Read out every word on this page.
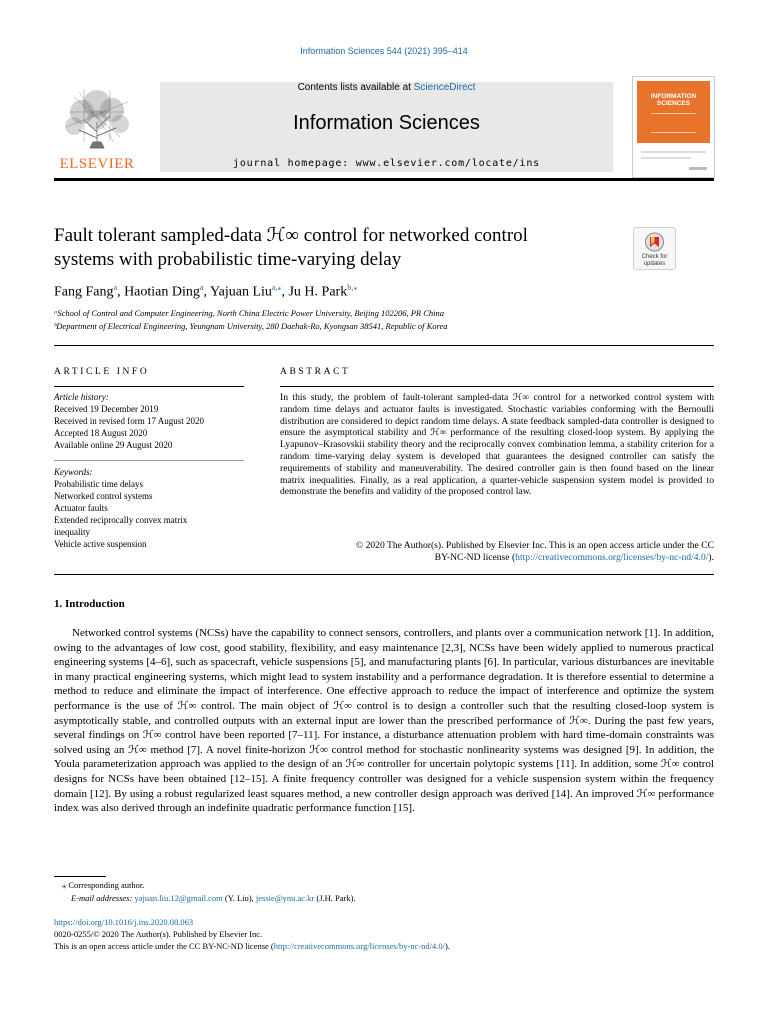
Information Sciences 544 (2021) 395–414
Contents lists available at ScienceDirect
Information Sciences
journal homepage: www.elsevier.com/locate/ins
ELSEVIER
INFORMATION SCIENCES
Fault tolerant sampled-data ℋ∞ control for networked control
systems with probabilistic time-varying delay	Check for updates
Fang Fang$^a$, Haotian Ding$^a$, Yajuan Liu$^{a,⁎}$, Ju H. Park$^{b,⁎}$
ᵃSchool of Control and Computer Engineering, North China Electric Power University, Beijing 102206, PR China
ᵇDepartment of Electrical Engineering, Yeungnam University, 280 Daehak-Ro, Kyongsan 38541, Republic of Korea
ARTICLE INFO
Article history:
Received 19 December 2019
Received in revised form 17 August 2020
Accepted 18 August 2020
Available online 29 August 2020
Keywords:
Probabilistic time delays
Networked control systems
Actuator faults
Extended reciprocally convex matrix
inequality
Vehicle active suspension
ABSTRACT
In this study, the problem of fault-tolerant sampled-data ℋ∞ control for a networked control system with random time delays and actuator faults is investigated. Stochastic variables conforming with the Bernoulli distribution are considered to depict random time delays. A state feedback sampled-data controller is designed to ensure the asymptotical stability and ℋ∞ performance of the resulting closed-loop system. By applying the Lyapunov–Krasovskii stability theory and the reciprocally convex combination lemma, a stability criterion for a random time-varying delay system is developed that guarantees the designed controller can satisfy the requirements of stability and maneuverability. The desired controller gain is then found based on the linear matrix inequalities. Finally, as a real application, a quarter-vehicle suspension system model is provided to demonstrate the benefits and validity of the proposed control law.
© 2020 The Author(s). Published by Elsevier Inc. This is an open access article under the CC
BY-NC-ND license (http://creativecommons.org/licenses/by-nc-nd/4.0/).
1. Introduction
Networked control systems (NCSs) have the capability to connect sensors, controllers, and plants over a communication network [1]. In addition, owing to the advantages of low cost, good stability, flexibility, and easy maintenance [2,3], NCSs have been widely applied to numerous practical engineering systems [4–6], such as spacecraft, vehicle suspensions [5], and manufacturing plants [6]. In particular, various disturbances are inevitable in many practical engineering systems, which might lead to system instability and a performance degradation. It is therefore essential to determine a method to reduce and eliminate the impact of interference. One effective approach to reduce the impact of interference and optimize the system performance is the use of ℋ∞ control. The main object of ℋ∞ control is to design a controller such that the resulting closed-loop system is asymptotically stable, and controlled outputs with an external input are lower than the prescribed performance of ℋ∞. During the past few years, several findings on ℋ∞ control have been reported [7–11]. For instance, a disturbance attenuation problem with hard time-domain constraints was solved using an ℋ∞ method [7]. A novel finite-horizon ℋ∞ control method for stochastic nonlinearity systems was designed [9]. In addition, the Youla parameterization approach was applied to the design of an ℋ∞ controller for uncertain polytopic systems [11]. In addition, some ℋ∞ control designs for NCSs have been obtained [12–15]. A finite frequency controller was designed for a vehicle suspension system within the frequency domain [12]. By using a robust regularized least squares method, a new controller design approach was derived [14]. An improved ℋ∞ performance index was also derived through an indefinite quadratic performance function [15].
⁎ Corresponding author.
E-mail addresses: yajuan.liu.12@gmail.com (Y. Liu), jessie@ynu.ac.kr (J.H. Park).
https://doi.org/10.1016/j.ins.2020.08.063
0020-0255/© 2020 The Author(s). Published by Elsevier Inc.
This is an open access article under the CC BY-NC-ND license (http://creativecommons.org/licenses/by-nc-nd/4.0/).
